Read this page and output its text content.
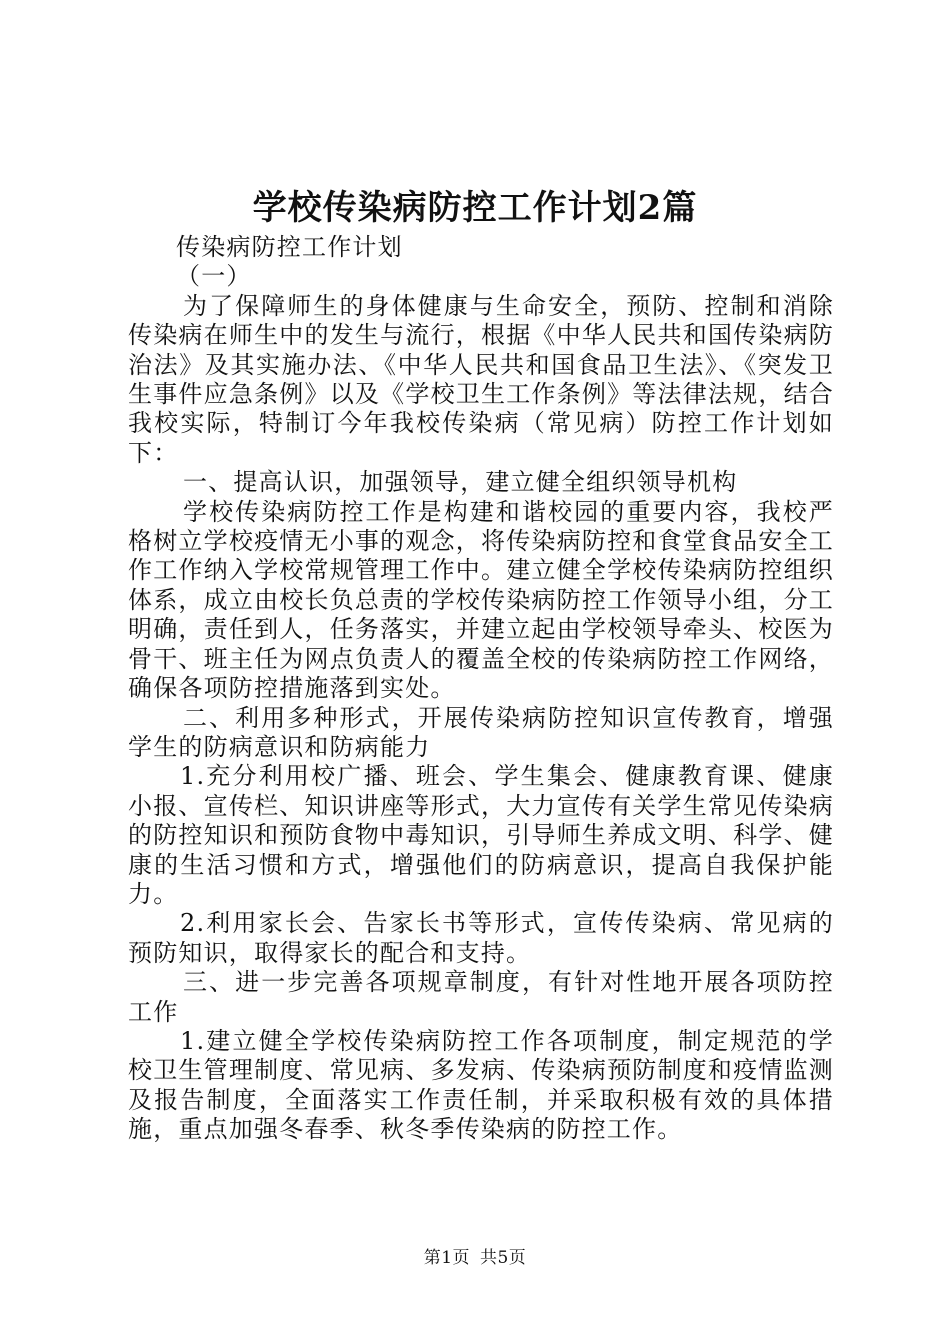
学校传染病防控工作计划2篇

传染病防控工作计划

（一）

为了保障师生的身体健康与生命安全，预防、控制和消除传染病在师生中的发生与流行，根据《中华人民共和国传染病防治法》及其实施办法、《中华人民共和国食品卫生法》、《突发卫生事件应急条例》以及《学校卫生工作条例》等法律法规，结合我校实际，特制订今年我校传染病（常见病）防控工作计划如下：

一、提高认识，加强领导，建立健全组织领导机构

学校传染病防控工作是构建和谐校园的重要内容，我校严格树立学校疫情无小事的观念，将传染病防控和食堂食品安全工作工作纳入学校常规管理工作中。建立健全学校传染病防控组织体系，成立由校长负总责的学校传染病防控工作领导小组，分工明确，责任到人，任务落实，并建立起由学校领导牵头、校医为骨干、班主任为网点负责人的覆盖全校的传染病防控工作网络，确保各项防控措施落到实处。

二、利用多种形式，开展传染病防控知识宣传教育，增强学生的防病意识和防病能力

1.充分利用校广播、班会、学生集会、健康教育课、健康小报、宣传栏、知识讲座等形式，大力宣传有关学生常见传染病的防控知识和预防食物中毒知识，引导师生养成文明、科学、健康的生活习惯和方式，增强他们的防病意识，提高自我保护能力。

2.利用家长会、告家长书等形式，宣传传染病、常见病的预防知识，取得家长的配合和支持。

三、进一步完善各项规章制度，有针对性地开展各项防控工作

1.建立健全学校传染病防控工作各项制度，制定规范的学校卫生管理制度、常见病、多发病、传染病预防制度和疫情监测及报告制度，全面落实工作责任制，并采取积极有效的具体措施，重点加强冬春季、秋冬季传染病的防控工作。

第1页 共5页
